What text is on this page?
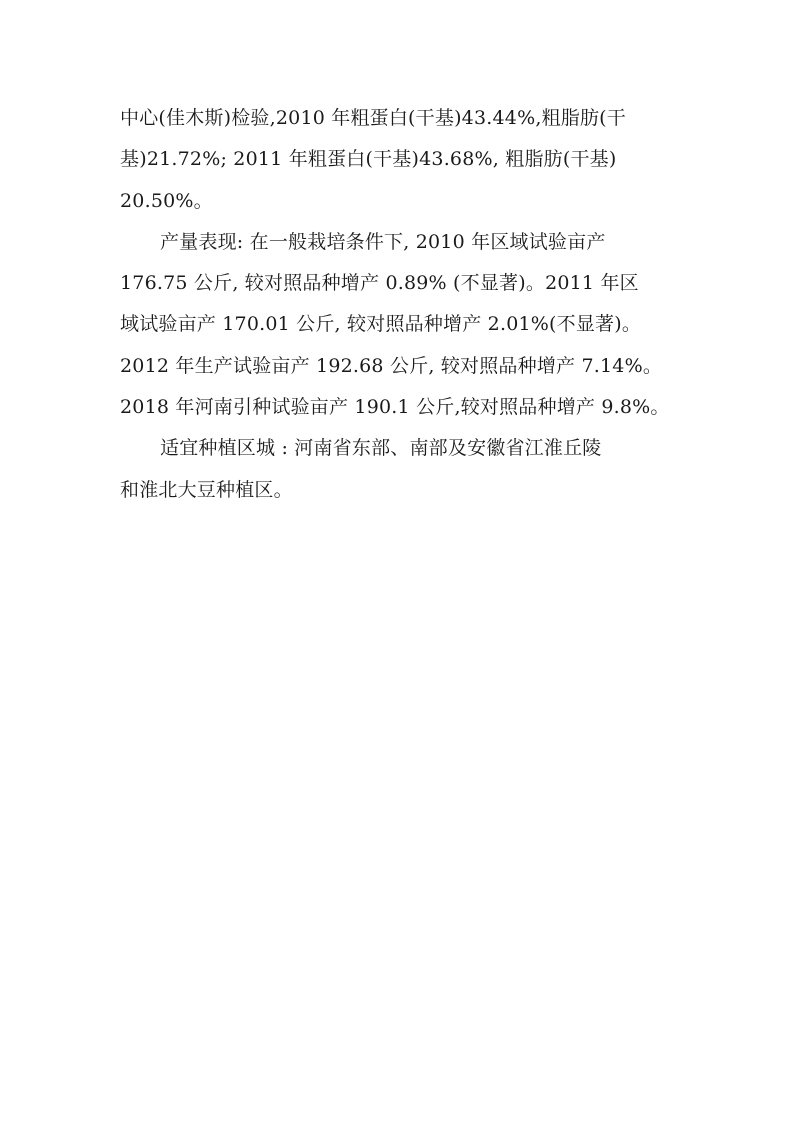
中心(佳木斯)检验,2010 年粗蛋白(干基)43.44%,粗脂肪(干
基)21.72%; 2011 年粗蛋白(干基)43.68%, 粗脂肪(干基)
20.50%。
产量表现: 在一般栽培条件下, 2010 年区域试验亩产
176.75 公斤, 较对照品种增产 0.89% (不显著)。2011 年区
域试验亩产 170.01 公斤, 较对照品种增产 2.01%(不显著)。
2012 年生产试验亩产 192.68 公斤, 较对照品种增产 7.14%。
2018 年河南引种试验亩产 190.1 公斤,较对照品种增产 9.8%。
适宜种植区城 : 河南省东部、南部及安徽省江淮丘陵
和淮北大豆种植区。
